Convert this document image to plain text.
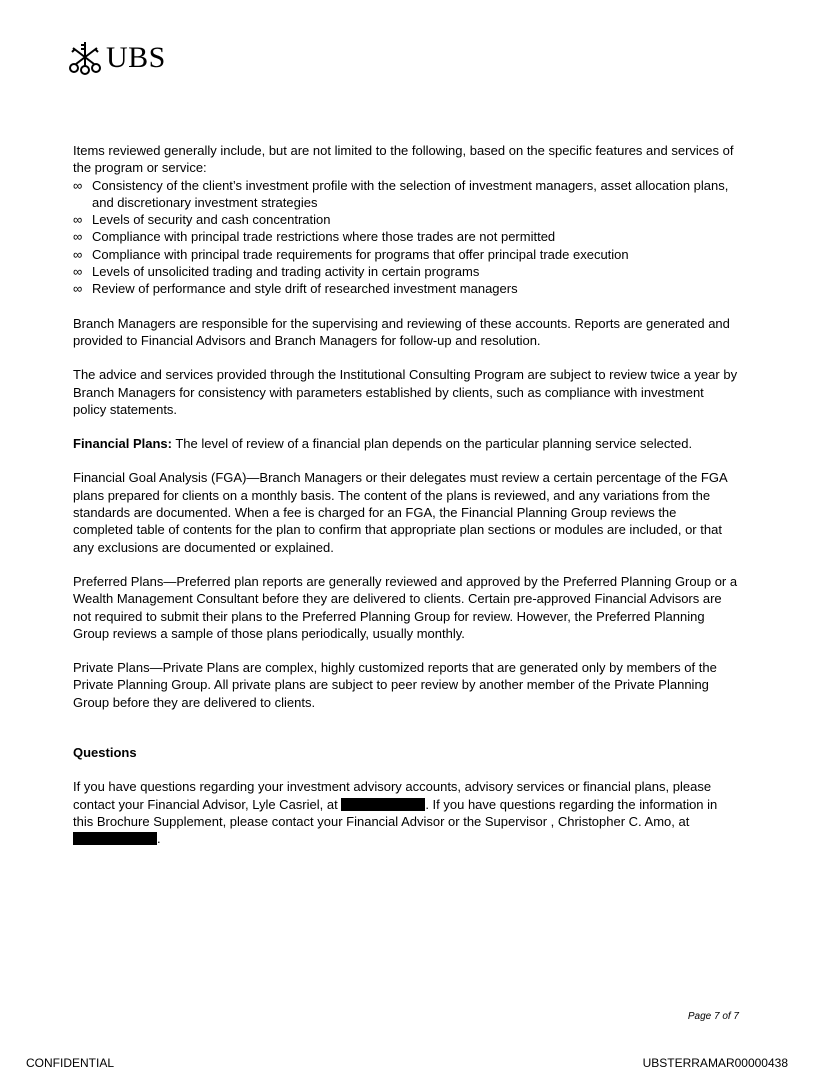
UBS
Items reviewed generally include, but are not limited to the following, based on the specific features and services of the program or service:
∞ Consistency of the client’s investment profile with the selection of investment managers, asset allocation plans, and discretionary investment strategies
∞ Levels of security and cash concentration
∞ Compliance with principal trade restrictions where those trades are not permitted
∞ Compliance with principal trade requirements for programs that offer principal trade execution
∞ Levels of unsolicited trading and trading activity in certain programs
∞ Review of performance and style drift of researched investment managers

Branch Managers are responsible for the supervising and reviewing of these accounts. Reports are generated and provided to Financial Advisors and Branch Managers for follow-up and resolution.

The advice and services provided through the Institutional Consulting Program are subject to review twice a year by Branch Managers for consistency with parameters established by clients, such as compliance with investment policy statements.

Financial Plans: The level of review of a financial plan depends on the particular planning service selected.

Financial Goal Analysis (FGA)—Branch Managers or their delegates must review a certain percentage of the FGA plans prepared for clients on a monthly basis. The content of the plans is reviewed, and any variations from the standards are documented. When a fee is charged for an FGA, the Financial Planning Group reviews the completed table of contents for the plan to confirm that appropriate plan sections or modules are included, or that any exclusions are documented or explained.

Preferred Plans—Preferred plan reports are generally reviewed and approved by the Preferred Planning Group or a Wealth Management Consultant before they are delivered to clients. Certain pre-approved Financial Advisors are not required to submit their plans to the Preferred Planning Group for review. However, the Preferred Planning Group reviews a sample of those plans periodically, usually monthly.

Private Plans—Private Plans are complex, highly customized reports that are generated only by members of the Private Planning Group. All private plans are subject to peer review by another member of the Private Planning Group before they are delivered to clients.

Questions

If you have questions regarding your investment advisory accounts, advisory services or financial plans, please contact your Financial Advisor, Lyle Casriel, at	. If you have questions regarding the information in this Brochure Supplement, please contact your Financial Advisor or the Supervisor , Christopher C. Amo, at .

Page 7 of 7
CONFIDENTIAL	UBSTERRAMAR00000438
